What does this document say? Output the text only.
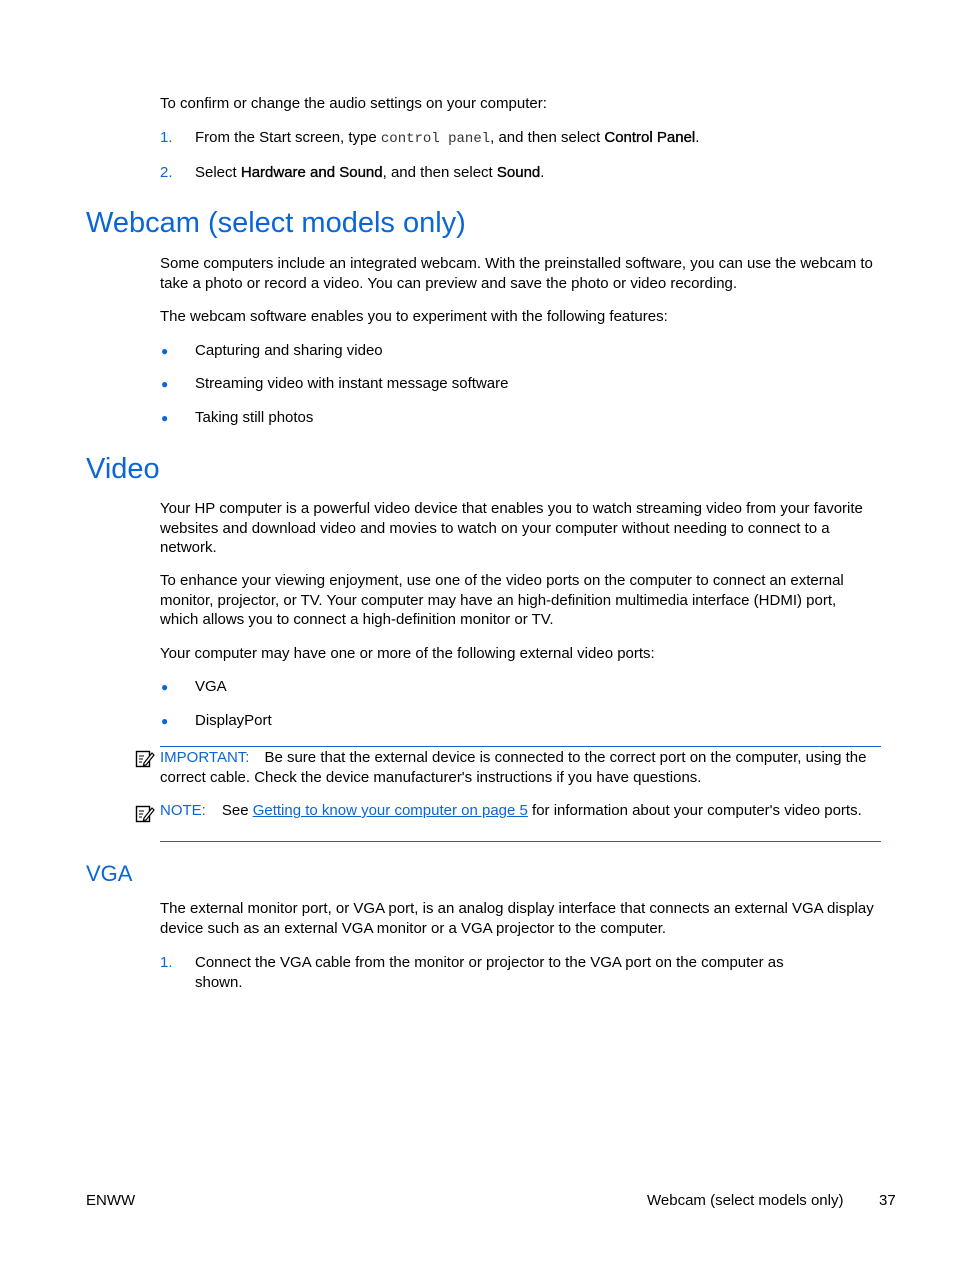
To confirm or change the audio settings on your computer:

1. From the Start screen, type control panel, and then select Control Panel.

2. Select Hardware and Sound, and then select Sound.

Webcam (select models only)

Some computers include an integrated webcam. With the preinstalled software, you can use the webcam to take a photo or record a video. You can preview and save the photo or video recording.

The webcam software enables you to experiment with the following features:

● Capturing and sharing video

● Streaming video with instant message software

● Taking still photos

Video

Your HP computer is a powerful video device that enables you to watch streaming video from your favorite websites and download video and movies to watch on your computer without needing to connect to a network.

To enhance your viewing enjoyment, use one of the video ports on the computer to connect an external monitor, projector, or TV. Your computer may have an high-definition multimedia interface (HDMI) port, which allows you to connect a high-definition monitor or TV.

Your computer may have one or more of the following external video ports:

● VGA

● DisplayPort

IMPORTANT: Be sure that the external device is connected to the correct port on the computer, using the correct cable. Check the device manufacturer's instructions if you have questions.

NOTE: See Getting to know your computer on page 5 for information about your computer's video ports.

VGA

The external monitor port, or VGA port, is an analog display interface that connects an external VGA display device such as an external VGA monitor or a VGA projector to the computer.

1. Connect the VGA cable from the monitor or projector to the VGA port on the computer as shown.

ENWW	Webcam (select models only) 37
